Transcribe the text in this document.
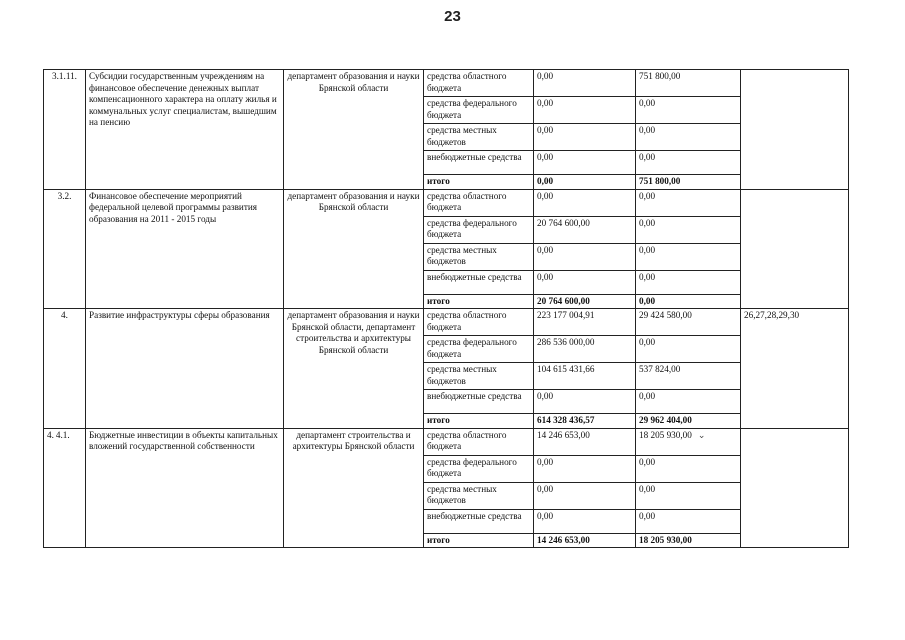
23
3.1.11.	Субсидии государственным учреждениям на финансовое обеспечение денежных выплат компенсационного характера на оплату жилья и коммунальных услуг специалистам, вышедшим на пенсию	департамент образования и науки Брянской области	средства областного бюджета	0,00	751 800,00	
			средства федерального бюджета	0,00	0,00	
			средства местных бюджетов	0,00	0,00	
			внебюджетные средства	0,00	0,00	
			итого	0,00	751 800,00	
3.2.	Финансовое обеспечение мероприятий федеральной целевой программы развития образования на 2011 - 2015 годы	департамент образования и науки Брянской области	средства областного бюджета	0,00	0,00	
			средства федерального бюджета	20 764 600,00	0,00	
			средства местных бюджетов	0,00	0,00	
			внебюджетные средства	0,00	0,00	
			итого	20 764 600,00	0,00	
4.	Развитие инфраструктуры сферы образования	департамент образования и науки Брянской области, департамент строительства и архитектуры Брянской области	средства областного бюджета	223 177 004,91	29 424 580,00	26,27,28,29,30
			средства федерального бюджета	286 536 000,00	0,00	
			средства местных бюджетов	104 615 431,66	537 824,00	
			внебюджетные средства	0,00	0,00	
			итого	614 328 436,57	29 962 404,00	
4. 4.1.	Бюджетные инвестиции в объекты капитальных вложений государственной собственности	департамент строительства и архитектуры Брянской области	средства областного бюджета	14 246 653,00	18 205 930,00 ⌄	
			средства федерального бюджета	0,00	0,00	
			средства местных бюджетов	0,00	0,00	
			внебюджетные средства	0,00	0,00	
			итого	14 246 653,00	18 205 930,00	
